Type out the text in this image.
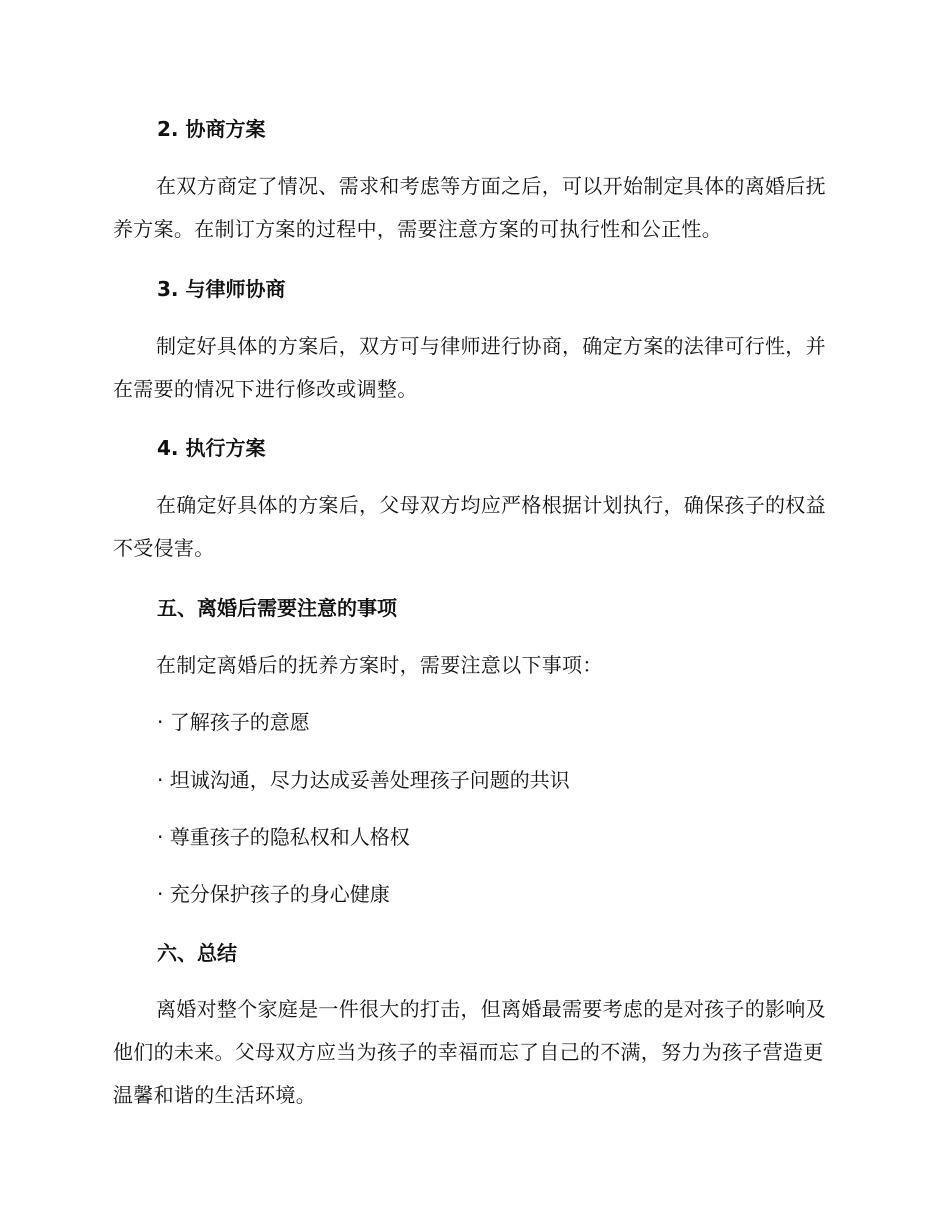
2. 协商方案
在双方商定了情况、需求和考虑等方面之后，可以开始制定具体的离婚后抚养方案。在制订方案的过程中，需要注意方案的可执行性和公正性。
3. 与律师协商
制定好具体的方案后，双方可与律师进行协商，确定方案的法律可行性，并在需要的情况下进行修改或调整。
4. 执行方案
在确定好具体的方案后，父母双方均应严格根据计划执行，确保孩子的权益不受侵害。
五、离婚后需要注意的事项
在制定离婚后的抚养方案时，需要注意以下事项：
· 了解孩子的意愿
· 坦诚沟通，尽力达成妥善处理孩子问题的共识
· 尊重孩子的隐私权和人格权
· 充分保护孩子的身心健康
六、总结
离婚对整个家庭是一件很大的打击，但离婚最需要考虑的是对孩子的影响及他们的未来。父母双方应当为孩子的幸福而忘了自己的不满，努力为孩子营造更温馨和谐的生活环境。
